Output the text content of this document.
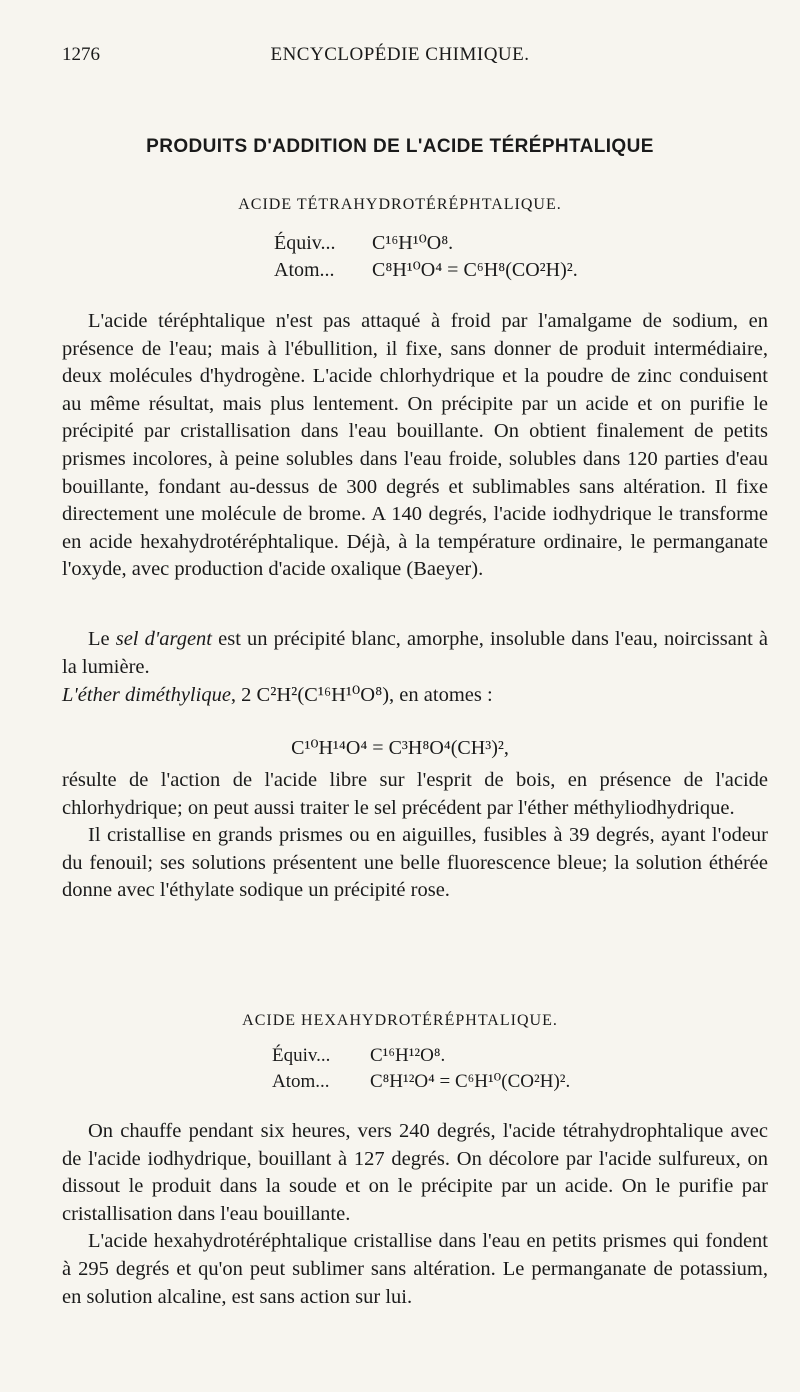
1276	ENCYCLOPÉDIE CHIMIQUE.
PRODUITS D'ADDITION DE L'ACIDE TÉRÉPHTALIQUE
ACIDE TÉTRAHYDROTÉRÉPHTALIQUE.
Équiv... C¹⁶H¹⁰O⁸.
Atom... C⁸H¹⁰O⁴ = C⁶H⁸(CO²H)².

L'acide téréphtalique n'est pas attaqué à froid par l'amalgame de sodium, en présence de l'eau; mais à l'ébullition, il fixe, sans donner de produit intermédiaire, deux molécules d'hydrogène. L'acide chlorhydrique et la poudre de zinc conduisent au même résultat, mais plus lentement. On précipite par un acide et on purifie le précipité par cristallisation dans l'eau bouillante. On obtient finalement de petits prismes incolores, à peine solubles dans l'eau froide, solubles dans 120 parties d'eau bouillante, fondant au-dessus de 300 degrés et sublimables sans altération. Il fixe directement une molécule de brome. A 140 degrés, l'acide iodhydrique le transforme en acide hexahydrotéréphtalique. Déjà, à la température ordinaire, le permanganate l'oxyde, avec production d'acide oxalique (Baeyer).

Le sel d'argent est un précipité blanc, amorphe, insoluble dans l'eau, noircissant à la lumière.

L'éther diméthylique, 2 C²H²(C¹⁶H¹⁰O⁸), en atomes :

C¹⁰H¹⁴O⁴ = C³H⁸O⁴(CH³)²,

résulte de l'action de l'acide libre sur l'esprit de bois, en présence de l'acide chlorhydrique; on peut aussi traiter le sel précédent par l'éther méthyliodhydrique.

Il cristallise en grands prismes ou en aiguilles, fusibles à 39 degrés, ayant l'odeur du fenouil; ses solutions présentent une belle fluorescence bleue; la solution éthérée donne avec l'éthylate sodique un précipité rose.

ACIDE HEXAHYDROTÉRÉPHTALIQUE.
Équiv... C¹⁶H¹²O⁸.
Atom... C⁸H¹²O⁴ = C⁶H¹⁰(CO²H)².

On chauffe pendant six heures, vers 240 degrés, l'acide tétrahydrophtalique avec de l'acide iodhydrique, bouillant à 127 degrés. On décolore par l'acide sulfureux, on dissout le produit dans la soude et on le précipite par un acide. On le purifie par cristallisation dans l'eau bouillante.

L'acide hexahydrotéréphtalique cristallise dans l'eau en petits prismes qui fondent à 295 degrés et qu'on peut sublimer sans altération. Le permanganate de potassium, en solution alcaline, est sans action sur lui.
